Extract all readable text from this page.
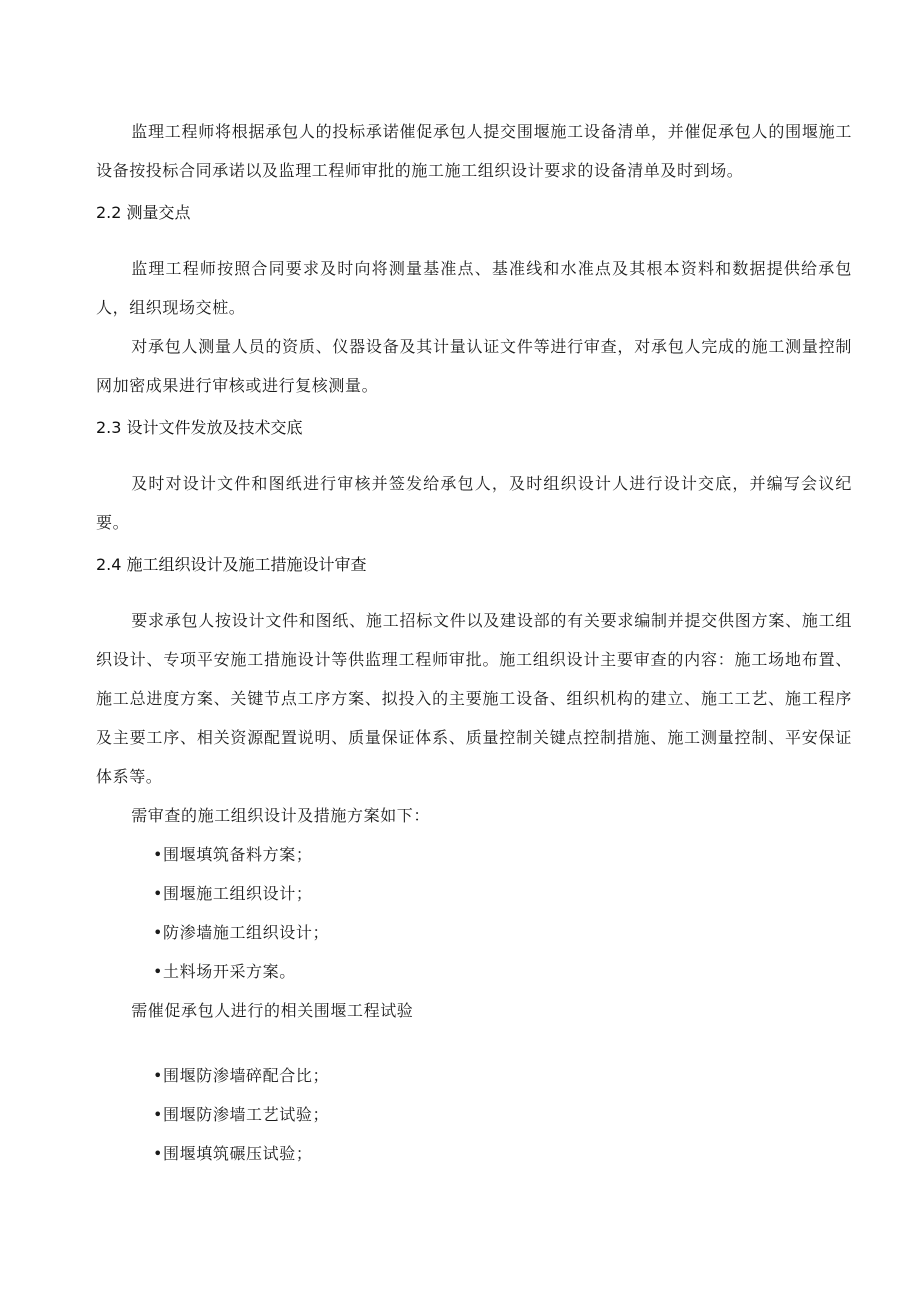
监理工程师将根据承包人的投标承诺催促承包人提交围堰施工设备清单，并催促承包人的围堰施工设备按投标合同承诺以及监理工程师审批的施工施工组织设计要求的设备清单及时到场。

2.2 测量交点

监理工程师按照合同要求及时向将测量基准点、基准线和水准点及其根本资料和数据提供给承包人，组织现场交桩。

对承包人测量人员的资质、仪器设备及其计量认证文件等进行审查，对承包人完成的施工测量控制网加密成果进行审核或进行复核测量。

2.3 设计文件发放及技术交底

及时对设计文件和图纸进行审核并签发给承包人，及时组织设计人进行设计交底，并编写会议纪要。

2.4 施工组织设计及施工措施设计审查

要求承包人按设计文件和图纸、施工招标文件以及建设部的有关要求编制并提交供图方案、施工组织设计、专项平安施工措施设计等供监理工程师审批。施工组织设计主要审查的内容：施工场地布置、施工总进度方案、关键节点工序方案、拟投入的主要施工设备、组织机构的建立、施工工艺、施工程序及主要工序、相关资源配置说明、质量保证体系、质量控制关键点控制措施、施工测量控制、平安保证体系等。

需审查的施工组织设计及措施方案如下：

•围堰填筑备料方案；

•围堰施工组织设计；

•防渗墙施工组织设计；

•土料场开采方案。

需催促承包人进行的相关围堰工程试验

•围堰防渗墙碎配合比；

•围堰防渗墙工艺试验；

•围堰填筑碾压试验；
